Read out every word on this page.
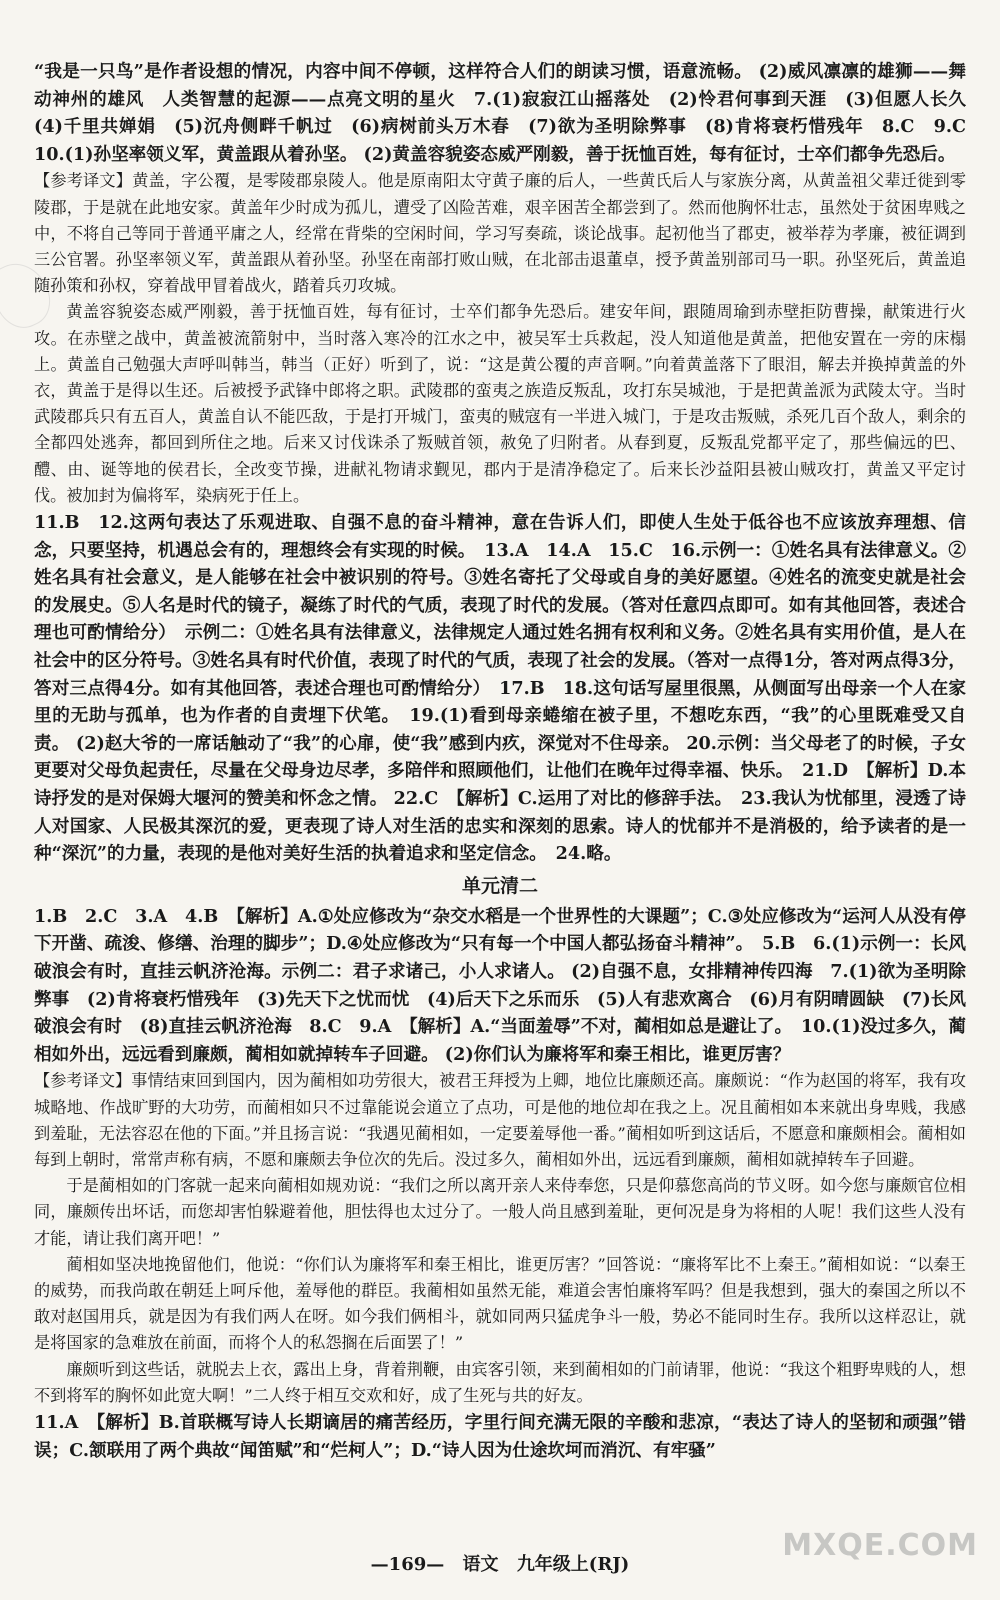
“我是一只鸟”是作者设想的情况，内容中间不停顿，这样符合人们的朗读习惯，语意流畅。 (2)威风凛凛的雄狮——舞动神州的雄风　人类智慧的起源——点亮文明的星火　7.(1)寂寂江山摇落处　(2)怜君何事到天涯　(3)但愿人长久　(4)千里共婵娟　(5)沉舟侧畔千帆过　(6)病树前头万木春　(7)欲为圣明除弊事　(8)肯将衰朽惜残年　8.C　9.C　10.(1)孙坚率领义军，黄盖跟从着孙坚。 (2)黄盖容貌姿态威严刚毅，善于抚恤百姓，每有征讨，士卒们都争先恐后。

【参考译文】黄盖，字公覆，是零陵郡泉陵人。他是原南阳太守黄子廉的后人，一些黄氏后人与家族分离，从黄盖祖父辈迁徙到零陵郡，于是就在此地安家。黄盖年少时成为孤儿，遭受了凶险苦难，艰辛困苦全都尝到了。然而他胸怀壮志，虽然处于贫困卑贱之中，不将自己等同于普通平庸之人，经常在背柴的空闲时间，学习写奏疏，谈论战事。起初他当了郡吏，被举荐为孝廉，被征调到三公官署。孙坚率领义军，黄盖跟从着孙坚。孙坚在南部打败山贼，在北部击退董卓，授予黄盖别部司马一职。孙坚死后，黄盖追随孙策和孙权，穿着战甲冒着战火，踏着兵刃攻城。

黄盖容貌姿态威严刚毅，善于抚恤百姓，每有征讨，士卒们都争先恐后。建安年间，跟随周瑜到赤壁拒防曹操，献策进行火攻。在赤壁之战中，黄盖被流箭射中，当时落入寒冷的江水之中，被吴军士兵救起，没人知道他是黄盖，把他安置在一旁的床榻上。黄盖自己勉强大声呼叫韩当，韩当（正好）听到了，说：“这是黄公覆的声音啊。”向着黄盖落下了眼泪，解去并换掉黄盖的外衣，黄盖于是得以生还。后被授予武锋中郎将之职。武陵郡的蛮夷之族造反叛乱，攻打东吴城池，于是把黄盖派为武陵太守。当时武陵郡兵只有五百人，黄盖自认不能匹敌，于是打开城门，蛮夷的贼寇有一半进入城门，于是攻击叛贼，杀死几百个敌人，剩余的全都四处逃奔，都回到所住之地。后来又讨伐诛杀了叛贼首领，赦免了归附者。从春到夏，反叛乱党都平定了，那些偏远的巴、醴、由、诞等地的侯君长，全改变节操，进献礼物请求觐见，郡内于是清净稳定了。后来长沙益阳县被山贼攻打，黄盖又平定讨伐。被加封为偏将军，染病死于任上。

11.B　12.这两句表达了乐观进取、自强不息的奋斗精神，意在告诉人们，即使人生处于低谷也不应该放弃理想、信念，只要坚持，机遇总会有的，理想终会有实现的时候。　13.A　14.A　15.C　16.示例一：①姓名具有法律意义。②姓名具有社会意义，是人能够在社会中被识别的符号。③姓名寄托了父母或自身的美好愿望。④姓名的流变史就是社会的发展史。⑤人名是时代的镜子，凝练了时代的气质，表现了时代的发展。（答对任意四点即可。如有其他回答，表述合理也可酌情给分）　示例二：①姓名具有法律意义，法律规定人通过姓名拥有权利和义务。②姓名具有实用价值，是人在社会中的区分符号。③姓名具有时代价值，表现了时代的气质，表现了社会的发展。（答对一点得1分，答对两点得3分，答对三点得4分。如有其他回答，表述合理也可酌情给分）　17.B　18.这句话写屋里很黑，从侧面写出母亲一个人在家里的无助与孤单，也为作者的自责埋下伏笔。　19.(1)看到母亲蜷缩在被子里，不想吃东西，“我”的心里既难受又自责。 (2)赵大爷的一席话触动了“我”的心扉，使“我”感到内疚，深觉对不住母亲。 20.示例：当父母老了的时候，子女更要对父母负起责任，尽量在父母身边尽孝，多陪伴和照顾他们，让他们在晚年过得幸福、快乐。　21.D　【解析】D.本诗抒发的是对保姆大堰河的赞美和怀念之情。 22.C　【解析】C.运用了对比的修辞手法。　23.我认为忧郁里，浸透了诗人对国家、人民极其深沉的爱，更表现了诗人对生活的忠实和深刻的思索。诗人的忧郁并不是消极的，给予读者的是一种“深沉”的力量，表现的是他对美好生活的执着追求和坚定信念。　24.略。

单元清二

1.B　2.C　3.A　4.B　【解析】A.①处应修改为“杂交水稻是一个世界性的大课题”；C.③处应修改为“运河人从没有停下开凿、疏浚、修缮、治理的脚步”；D.④处应修改为“只有每一个中国人都弘扬奋斗精神”。　5.B　6.(1)示例一：长风破浪会有时，直挂云帆济沧海。示例二：君子求诸己，小人求诸人。 (2)自强不息，女排精神传四海　7.(1)欲为圣明除弊事　(2)肯将衰朽惜残年　(3)先天下之忧而忧　(4)后天下之乐而乐　(5)人有悲欢离合　(6)月有阴晴圆缺　(7)长风破浪会有时　(8)直挂云帆济沧海　8.C　9.A　【解析】A.“当面羞辱”不对，蔺相如总是避让了。　10.(1)没过多久，蔺相如外出，远远看到廉颇，蔺相如就掉转车子回避。 (2)你们认为廉将军和秦王相比，谁更厉害？

【参考译文】事情结束回到国内，因为蔺相如功劳很大，被君王拜授为上卿，地位比廉颇还高。廉颇说：“作为赵国的将军，我有攻城略地、作战旷野的大功劳，而蔺相如只不过靠能说会道立了点功，可是他的地位却在我之上。况且蔺相如本来就出身卑贱，我感到羞耻，无法容忍在他的下面。”并且扬言说：“我遇见蔺相如，一定要羞辱他一番。”蔺相如听到这话后，不愿意和廉颇相会。蔺相如每到上朝时，常常声称有病，不愿和廉颇去争位次的先后。没过多久，蔺相如外出，远远看到廉颇，蔺相如就掉转车子回避。

于是蔺相如的门客就一起来向蔺相如规劝说：“我们之所以离开亲人来侍奉您，只是仰慕您高尚的节义呀。如今您与廉颇官位相同，廉颇传出坏话，而您却害怕躲避着他，胆怯得也太过分了。一般人尚且感到羞耻，更何况是身为将相的人呢！我们这些人没有才能，请让我们离开吧！”

蔺相如坚决地挽留他们，他说：“你们认为廉将军和秦王相比，谁更厉害？”回答说：“廉将军比不上秦王。”蔺相如说：“以秦王的威势，而我尚敢在朝廷上呵斥他，羞辱他的群臣。我蔺相如虽然无能，难道会害怕廉将军吗？但是我想到，强大的秦国之所以不敢对赵国用兵，就是因为有我们两人在呀。如今我们俩相斗，就如同两只猛虎争斗一般，势必不能同时生存。我所以这样忍让，就是将国家的急难放在前面，而将个人的私怨搁在后面罢了！”

廉颇听到这些话，就脱去上衣，露出上身，背着荆鞭，由宾客引领，来到蔺相如的门前请罪，他说：“我这个粗野卑贱的人，想不到将军的胸怀如此宽大啊！”二人终于相互交欢和好，成了生死与共的好友。

11.A　【解析】B.首联概写诗人长期谪居的痛苦经历，字里行间充满无限的辛酸和悲凉，“表达了诗人的坚韧和顽强”错误；C.颔联用了两个典故“闻笛赋”和“烂柯人”；D.“诗人因为仕途坎坷而消沉、有牢骚”

—169— 语文 九年级上(RJ)
MXQE.COM
